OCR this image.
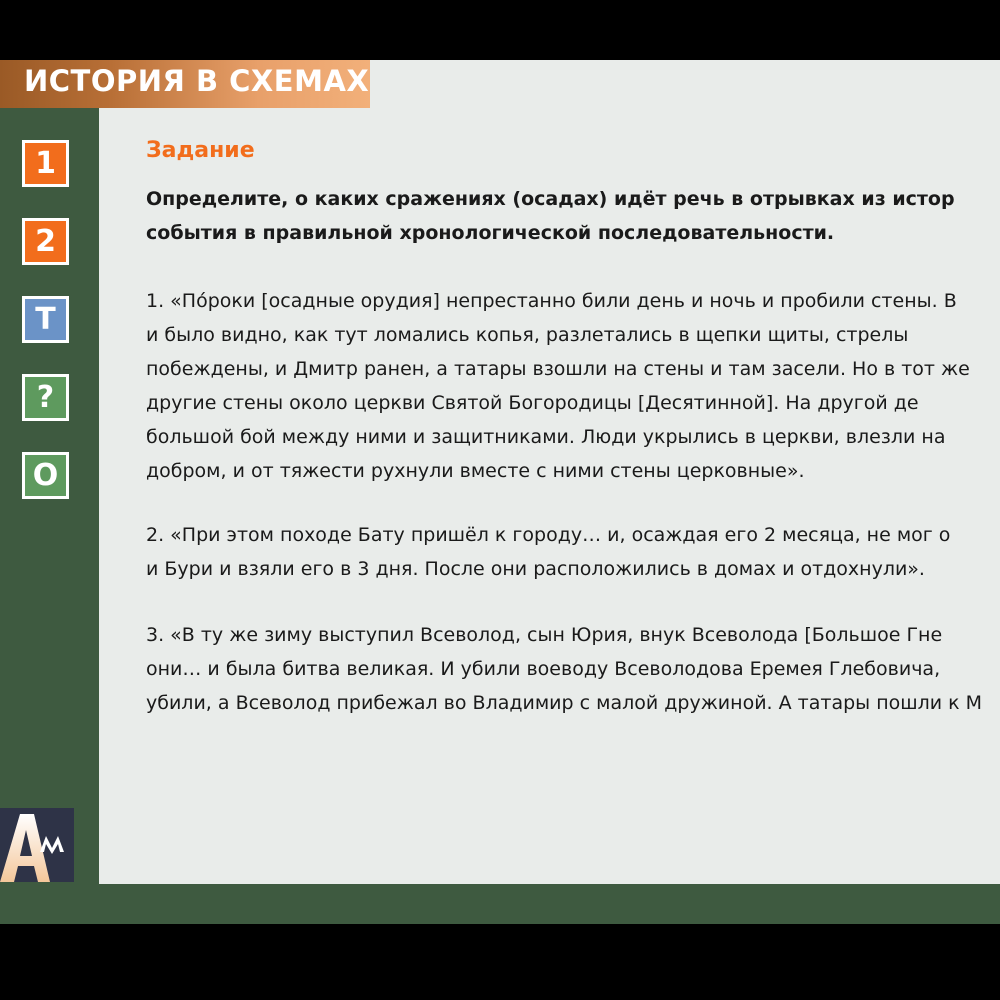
ИСТОРИЯ В СХЕМАХ
1
2
Т
?
О
Задание
Определите, о каких сражениях (осадах) идёт речь в отрывках из истор
события в правильной хронологической последовательности.
1. «По́роки [осадные орудия] непрестанно били день и ночь и пробили стены. В
и было видно, как тут ломались копья, разлетались в щепки щиты, стрелы
побеждены, и Дмитр ранен, а татары взошли на стены и там засели. Но в тот же
другие стены около церкви Святой Богородицы [Десятинной]. На другой де
большой бой между ними и защитниками. Люди укрылись в церкви, влезли на
добром, и от тяжести рухнули вместе с ними стены церковные».
2. «При этом походе Бату пришёл к городу… и, осаждая его 2 месяца, не мог о
и Бури и взяли его в 3 дня. После они расположились в домах и отдохнули».
3. «В ту же зиму выступил Всеволод, сын Юрия, внук Всеволода [Большое Гне
они… и была битва великая. И убили воеводу Всеволодова Еремея Глебовича,
убили, а Всеволод прибежал во Владимир с малой дружиной. А татары пошли к М
